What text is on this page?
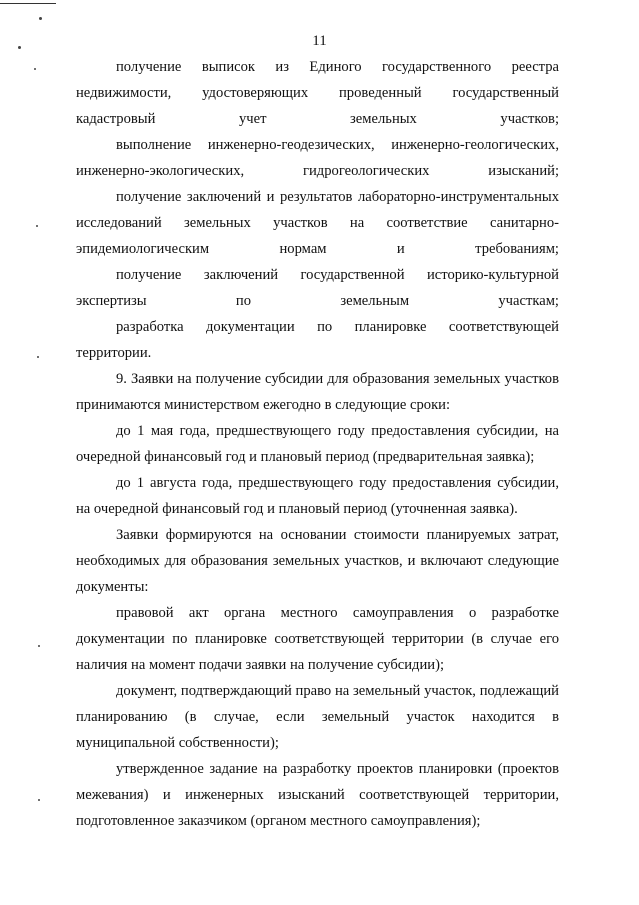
11

получение выписок из Единого государственного реестра недвижимости, удостоверяющих проведенный государственный кадастровый учет земельных участков;

выполнение инженерно-геодезических, инженерно-геологических, инженерно-экологических, гидрогеологических изысканий;

получение заключений и результатов лабораторно-инструментальных исследований земельных участков на соответствие санитарно-эпидемиологическим нормам и требованиям;

получение заключений государственной историко-культурной экспертизы по земельным участкам;

разработка документации по планировке соответствующей территории.

9. Заявки на получение субсидии для образования земельных участков принимаются министерством ежегодно в следующие сроки:

до 1 мая года, предшествующего году предоставления субсидии, на очередной финансовый год и плановый период (предварительная заявка);

до 1 августа года, предшествующего году предоставления субсидии, на очередной финансовый год и плановый период (уточненная заявка).

Заявки формируются на основании стоимости планируемых затрат, необходимых для образования земельных участков, и включают следующие документы:

правовой акт органа местного самоуправления о разработке документации по планировке соответствующей территории (в случае его наличия на момент подачи заявки на получение субсидии);

документ, подтверждающий право на земельный участок, подлежащий планированию (в случае, если земельный участок находится в муниципальной собственности);

утвержденное задание на разработку проектов планировки (проектов межевания) и инженерных изысканий соответствующей территории, подготовленное заказчиком (органом местного самоуправления);
